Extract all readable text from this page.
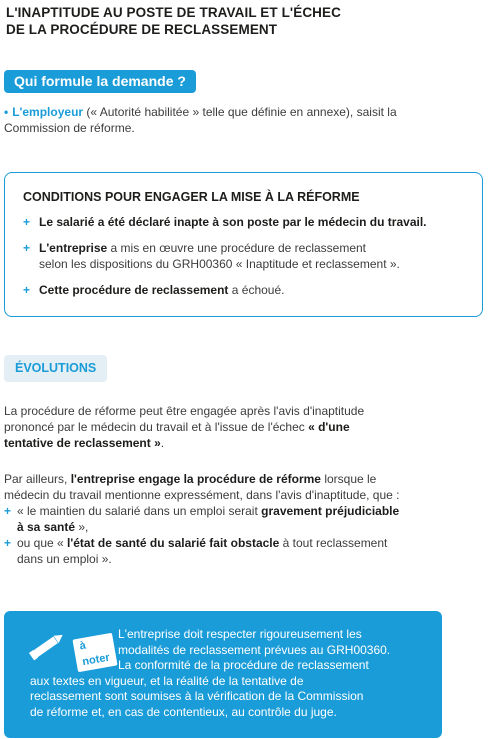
L'INAPTITUDE AU POSTE DE TRAVAIL ET L'ÉCHEC
DE LA PROCÉDURE DE RECLASSEMENT
Qui formule la demande ?
• L'employeur (« Autorité habilitée » telle que définie en annexe), saisit la
Commission de réforme.
CONDITIONS POUR ENGAGER LA MISE À LA RÉFORME
+ Le salarié a été déclaré inapte à son poste par le médecin du travail.
+ L'entreprise a mis en œuvre une procédure de reclassement
selon les dispositions du GRH00360 « Inaptitude et reclassement ».
+ Cette procédure de reclassement a échoué.
ÉVOLUTIONS
La procédure de réforme peut être engagée après l'avis d'inaptitude
prononcé par le médecin du travail et à l'issue de l'échec « d'une
tentative de reclassement ».
Par ailleurs, l'entreprise engage la procédure de réforme lorsque le
médecin du travail mentionne expressément, dans l'avis d'inaptitude, que :
+ « le maintien du salarié dans un emploi serait gravement préjudiciable
à sa santé »,
+ ou que « l'état de santé du salarié fait obstacle à tout reclassement
dans un emploi ».
à noter
L'entreprise doit respecter rigoureusement les
modalités de reclassement prévues au GRH00360.
La conformité de la procédure de reclassement
aux textes en vigueur, et la réalité de la tentative de
reclassement sont soumises à la vérification de la Commission
de réforme et, en cas de contentieux, au contrôle du juge.
